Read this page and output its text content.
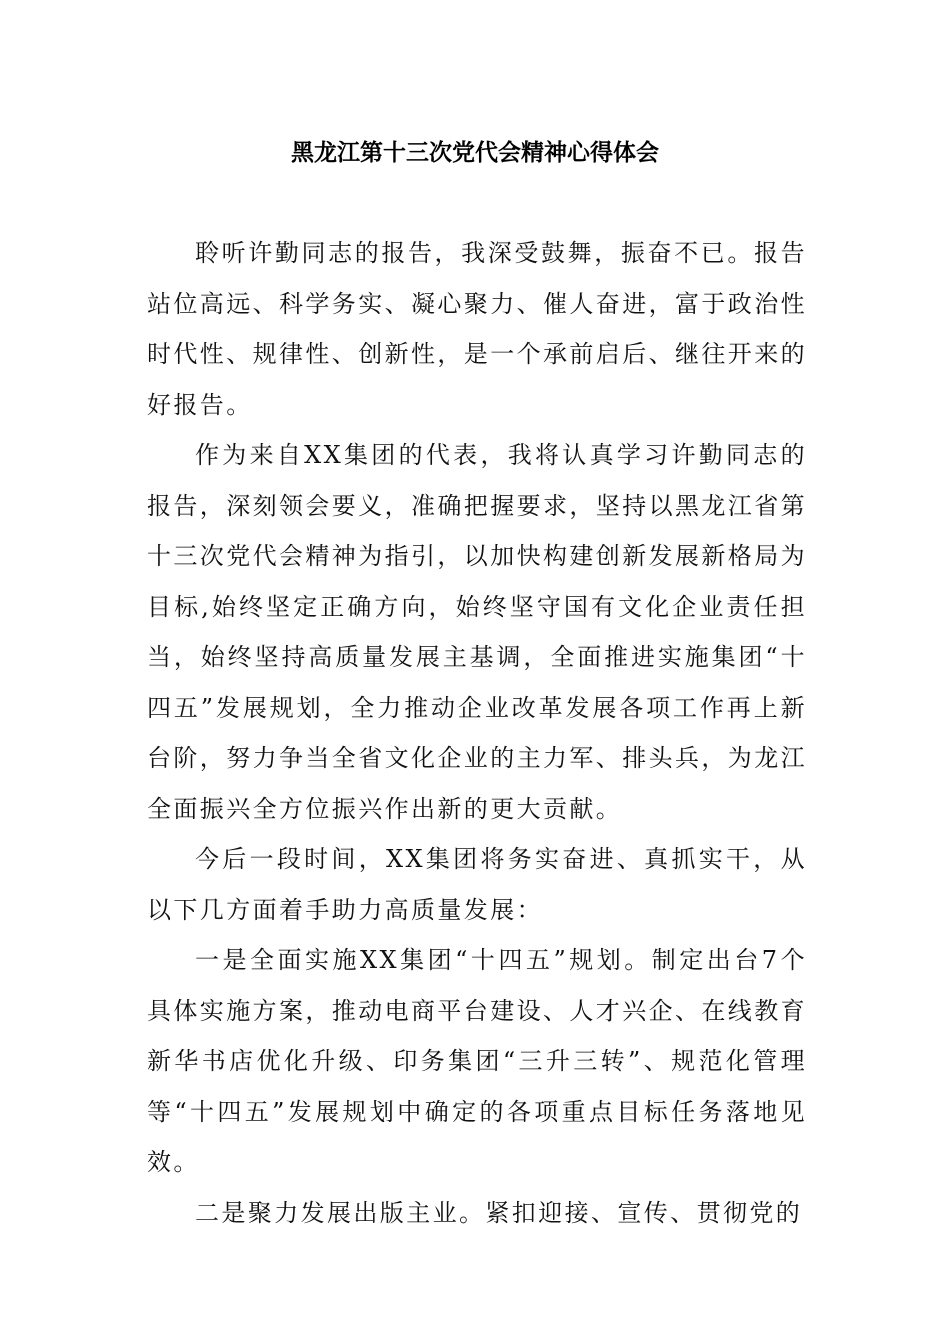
黑龙江第十三次党代会精神心得体会

聆听许勤同志的报告，我深受鼓舞，振奋不已。报告站位高远、科学务实、凝心聚力、催人奋进，富于政治性时代性、规律性、创新性，是一个承前启后、继往开来的好报告。

作为来自XX集团的代表，我将认真学习许勤同志的报告，深刻领会要义，准确把握要求，坚持以黑龙江省第十三次党代会精神为指引，以加快构建创新发展新格局为目标,始终坚定正确方向，始终坚守国有文化企业责任担当，始终坚持高质量发展主基调，全面推进实施集团“十四五”发展规划，全力推动企业改革发展各项工作再上新台阶，努力争当全省文化企业的主力军、排头兵，为龙江全面振兴全方位振兴作出新的更大贡献。

今后一段时间，XX集团将务实奋进、真抓实干，从以下几方面着手助力高质量发展：

一是全面实施XX集团“十四五”规划。制定出台7个具体实施方案，推动电商平台建设、人才兴企、在线教育新华书店优化升级、印务集团“三升三转”、规范化管理等“十四五”发展规划中确定的各项重点目标任务落地见效。

二是聚力发展出版主业。紧扣迎接、宣传、贯彻党的
